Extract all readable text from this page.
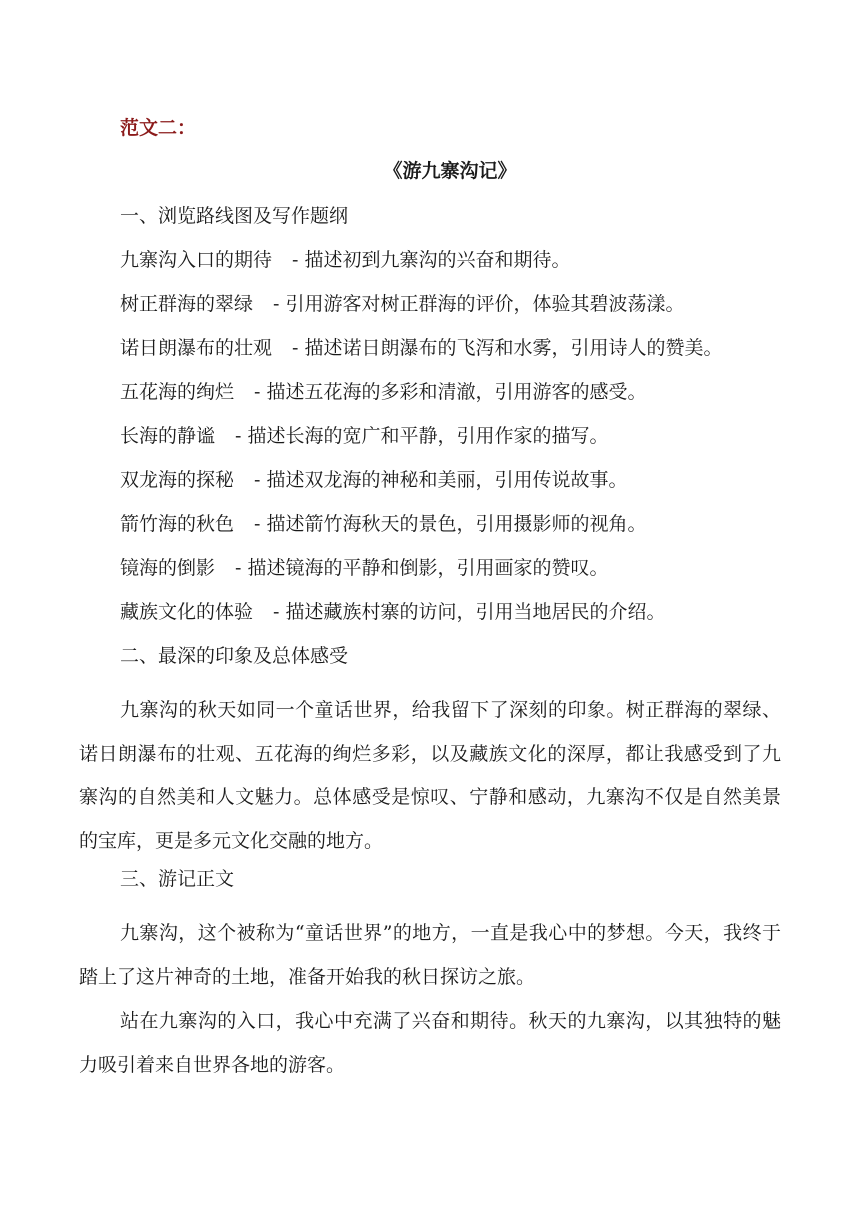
范文二：
《游九寨沟记》
一、浏览路线图及写作题纲
九寨沟入口的期待 - 描述初到九寨沟的兴奋和期待。
树正群海的翠绿 - 引用游客对树正群海的评价，体验其碧波荡漾。
诺日朗瀑布的壮观 - 描述诺日朗瀑布的飞泻和水雾，引用诗人的赞美。
五花海的绚烂 - 描述五花海的多彩和清澈，引用游客的感受。
长海的静谧 - 描述长海的宽广和平静，引用作家的描写。
双龙海的探秘 - 描述双龙海的神秘和美丽，引用传说故事。
箭竹海的秋色 - 描述箭竹海秋天的景色，引用摄影师的视角。
镜海的倒影 - 描述镜海的平静和倒影，引用画家的赞叹。
藏族文化的体验 - 描述藏族村寨的访问，引用当地居民的介绍。
二、最深的印象及总体感受

九寨沟的秋天如同一个童话世界，给我留下了深刻的印象。树正群海的翠绿、诺日朗瀑布的壮观、五花海的绚烂多彩，以及藏族文化的深厚，都让我感受到了九寨沟的自然美和人文魅力。总体感受是惊叹、宁静和感动，九寨沟不仅是自然美景的宝库，更是多元文化交融的地方。

三、游记正文

九寨沟，这个被称为“童话世界”的地方，一直是我心中的梦想。今天，我终于踏上了这片神奇的土地，准备开始我的秋日探访之旅。

站在九寨沟的入口，我心中充满了兴奋和期待。秋天的九寨沟，以其独特的魅力吸引着来自世界各地的游客。
